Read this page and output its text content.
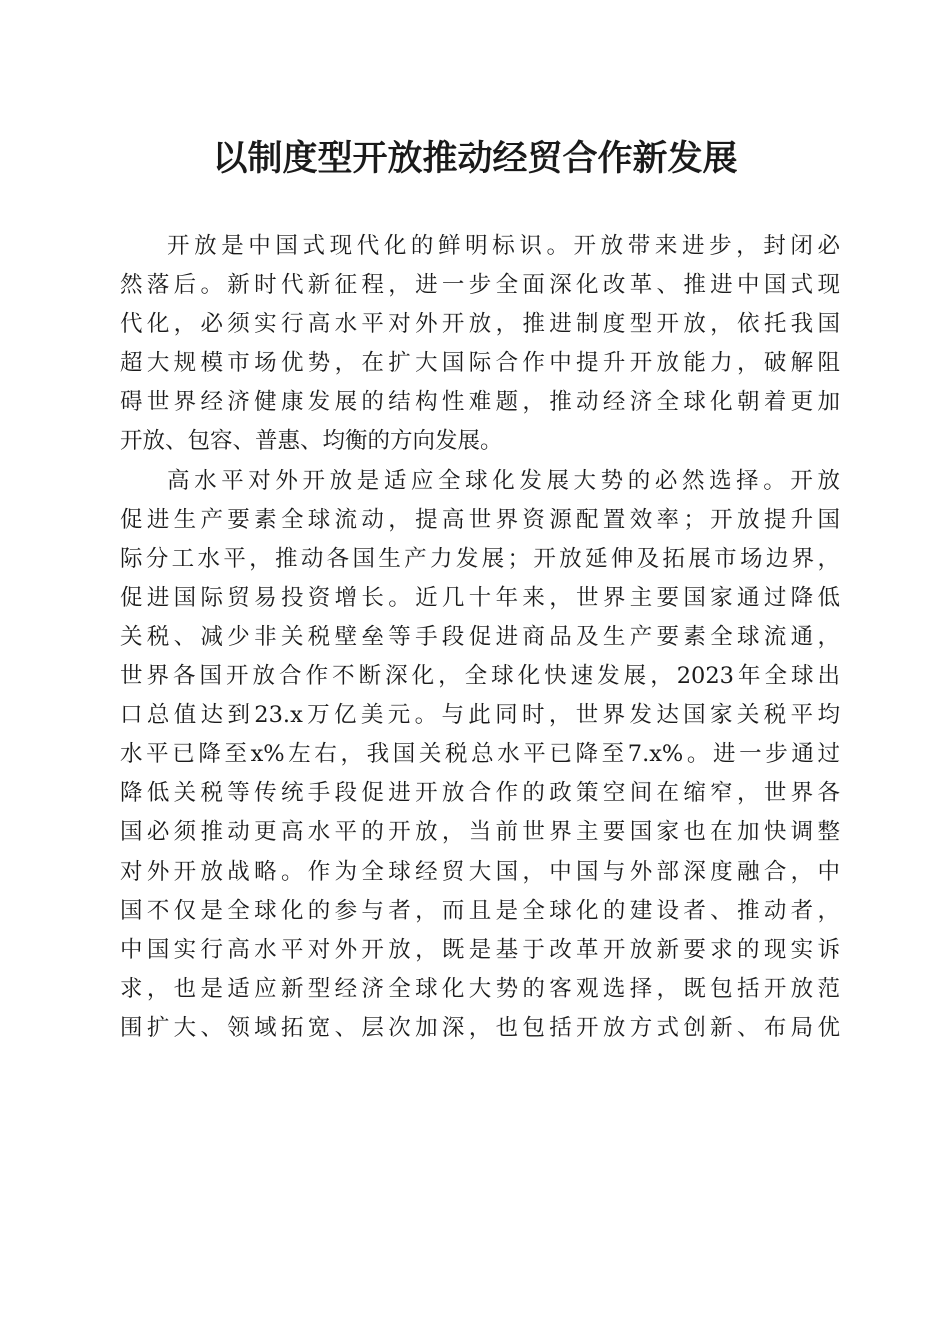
以制度型开放推动经贸合作新发展
开放是中国式现代化的鲜明标识。开放带来进步，封闭必
然落后。新时代新征程，进一步全面深化改革、推进中国式现
代化，必须实行高水平对外开放，推进制度型开放，依托我国
超大规模市场优势，在扩大国际合作中提升开放能力，破解阻
碍世界经济健康发展的结构性难题，推动经济全球化朝着更加
开放、包容、普惠、均衡的方向发展。
高水平对外开放是适应全球化发展大势的必然选择。开放
促进生产要素全球流动，提高世界资源配置效率；开放提升国
际分工水平，推动各国生产力发展；开放延伸及拓展市场边界，
促进国际贸易投资增长。近几十年来，世界主要国家通过降低
关税、减少非关税壁垒等手段促进商品及生产要素全球流通，
世界各国开放合作不断深化，全球化快速发展，2023年全球出
口总值达到23.x万亿美元。与此同时，世界发达国家关税平均
水平已降至x%左右，我国关税总水平已降至7.x%。进一步通过
降低关税等传统手段促进开放合作的政策空间在缩窄，世界各
国必须推动更高水平的开放，当前世界主要国家也在加快调整
对外开放战略。作为全球经贸大国，中国与外部深度融合，中
国不仅是全球化的参与者，而且是全球化的建设者、推动者，
中国实行高水平对外开放，既是基于改革开放新要求的现实诉
求，也是适应新型经济全球化大势的客观选择，既包括开放范
围扩大、领域拓宽、层次加深，也包括开放方式创新、布局优
